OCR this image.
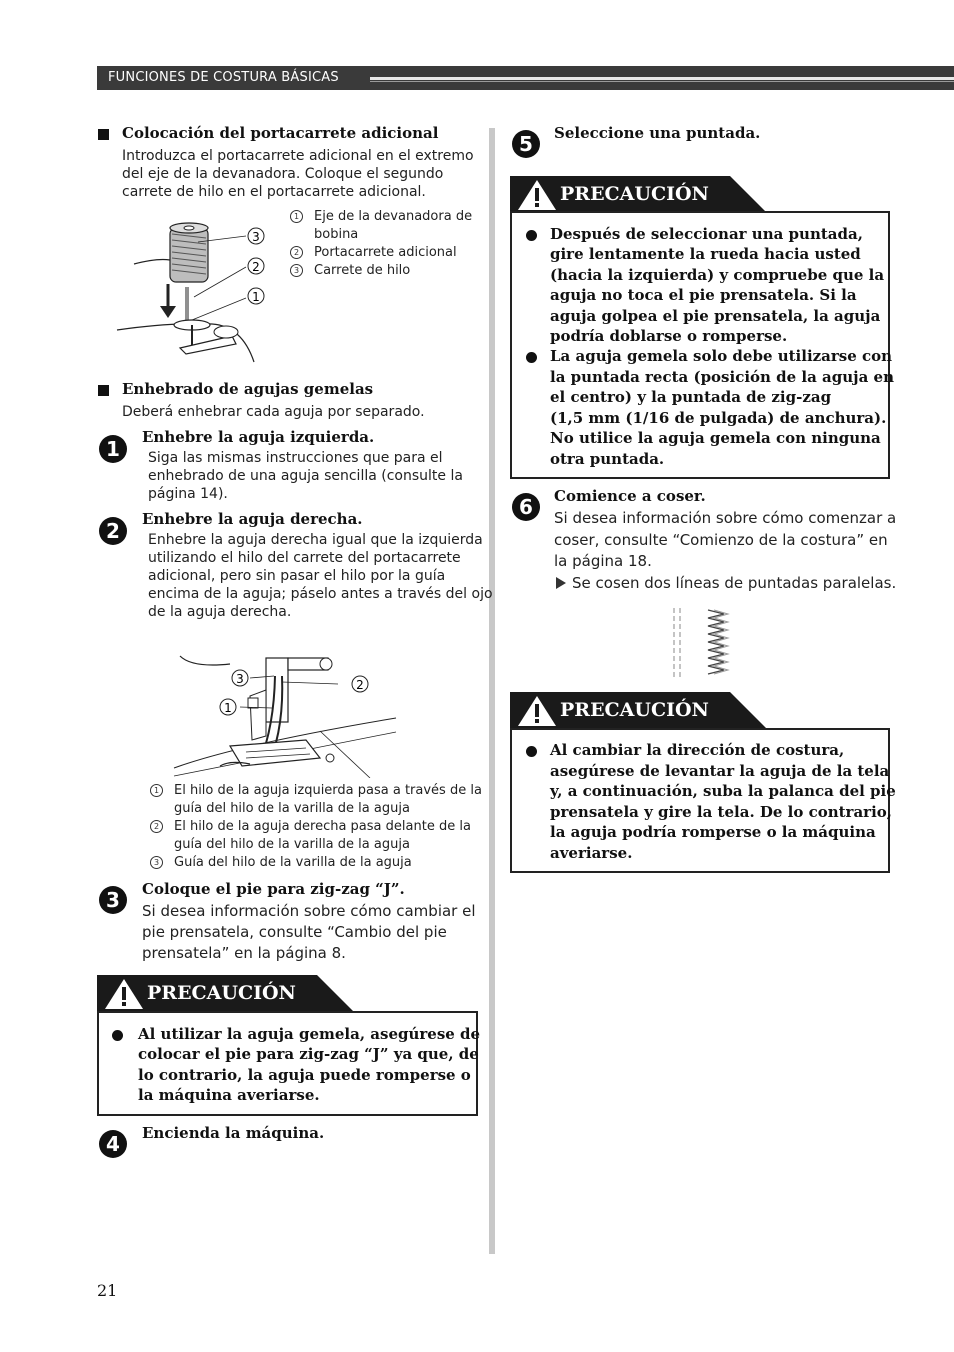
FUNCIONES DE COSTURA BÁSICAS
Colocación del portacarrete adicional
Introduzca el portacarrete adicional en el extremo
del eje de la devanadora. Coloque el segundo
carrete de hilo en el portacarrete adicional.
3
2
1
1	Eje de la devanadora de
bobina
2	Portacarrete adicional
3	Carrete de hilo
Enhebrado de agujas gemelas
Deberá enhebrar cada aguja por separado.
1	Enhebre la aguja izquierda.
Siga las mismas instrucciones que para el
enhebrado de una aguja sencilla (consulte la
página 14).
2	Enhebre la aguja derecha.
Enhebre la aguja derecha igual que la izquierda
utilizando el hilo del carrete del portacarrete
adicional, pero sin pasar el hilo por la guía
encima de la aguja; páselo antes a través del ojo
de la aguja derecha.
3	2
1
1	El hilo de la aguja izquierda pasa a través de la
guía del hilo de la varilla de la aguja
2	El hilo de la aguja derecha pasa delante de la
guía del hilo de la varilla de la aguja
3	Guía del hilo de la varilla de la aguja
3	Coloque el pie para zig-zag “J”.
Si desea información sobre cómo cambiar el
pie prensatela, consulte “Cambio del pie
prensatela” en la página 8.
PRECAUCIÓN
Al utilizar la aguja gemela, asegúrese de
colocar el pie para zig-zag “J” ya que, de
lo contrario, la aguja puede romperse o
la máquina averiarse.
4	Encienda la máquina.
5	Seleccione una puntada.
PRECAUCIÓN
Después de seleccionar una puntada,
gire lentamente la rueda hacia usted
(hacia la izquierda) y compruebe que la
aguja no toca el pie prensatela. Si la
aguja golpea el pie prensatela, la aguja
podría doblarse o romperse.
La aguja gemela solo debe utilizarse con
la puntada recta (posición de la aguja en
el centro) y la puntada de zig-zag
(1,5 mm (1/16 de pulgada) de anchura).
No utilice la aguja gemela con ninguna
otra puntada.
6	Comience a coser.
Si desea información sobre cómo comenzar a
coser, consulte “Comienzo de la costura” en
la página 18.
Se cosen dos líneas de puntadas paralelas.
PRECAUCIÓN
Al cambiar la dirección de costura,
asegúrese de levantar la aguja de la tela
y, a continuación, suba la palanca del pie
prensatela y gire la tela. De lo contrario,
la aguja podría romperse o la máquina
averiarse.
21
